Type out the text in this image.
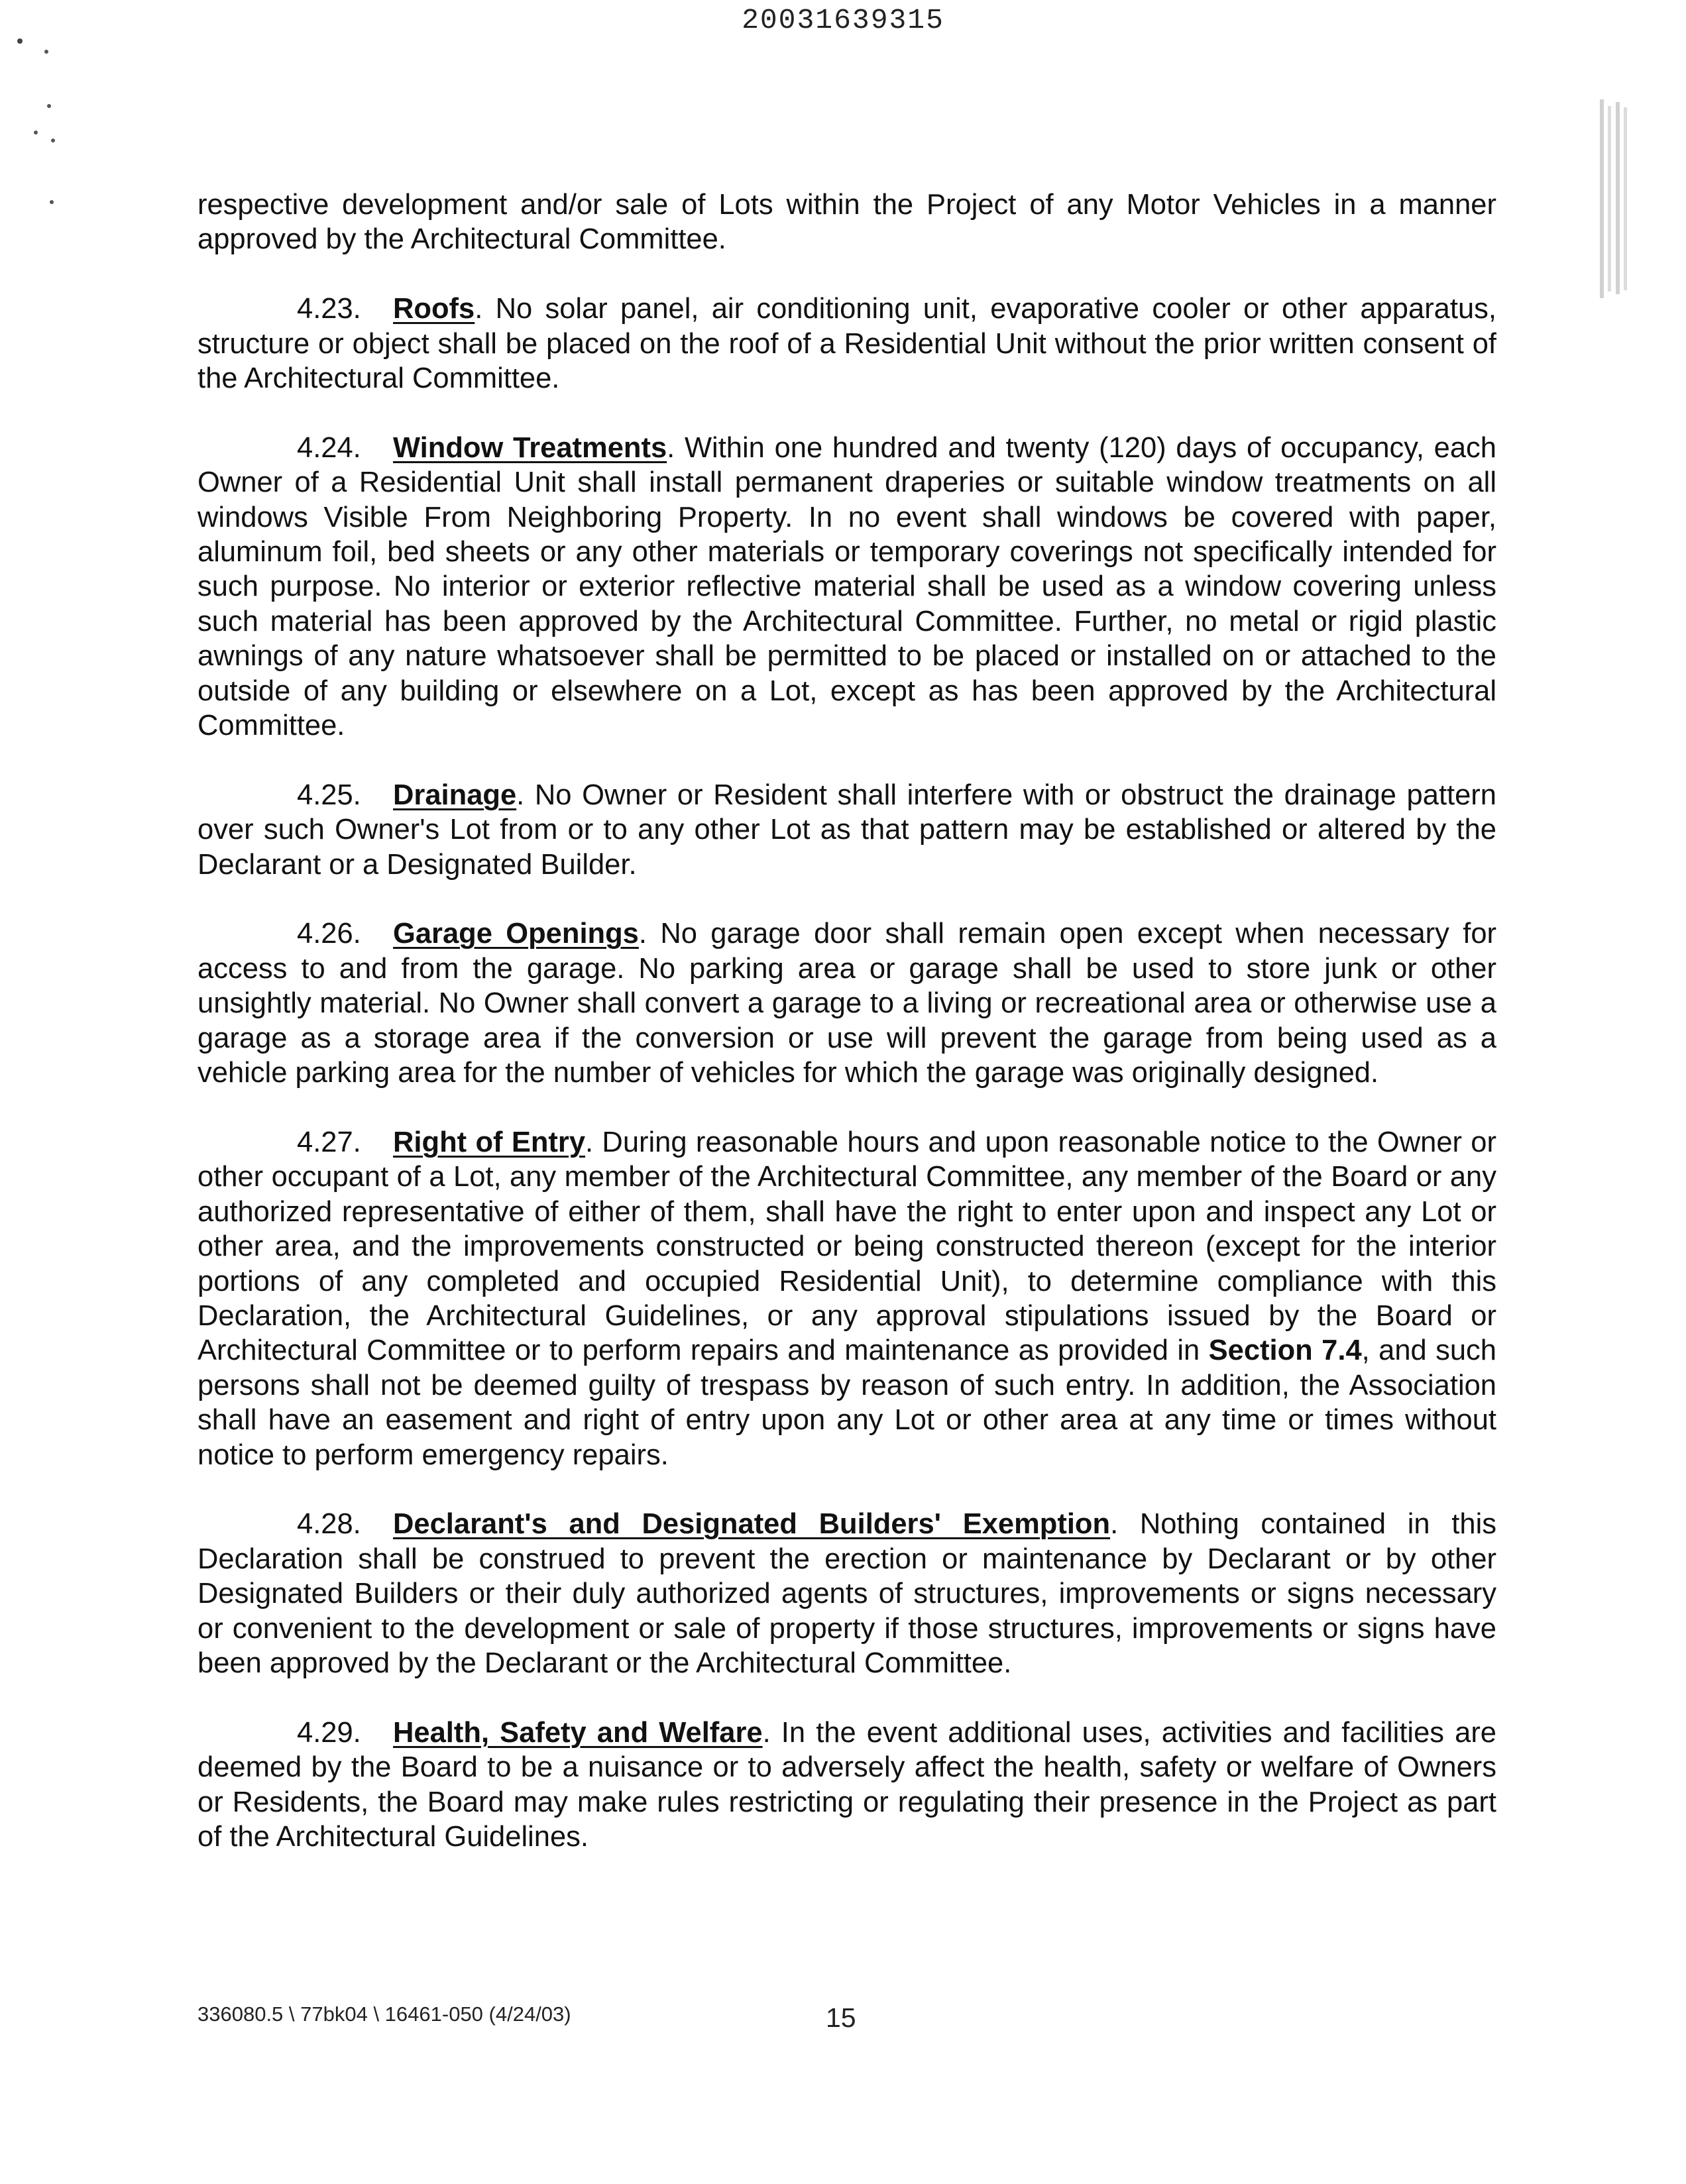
20031639315

respective development and/or sale of Lots within the Project of any Motor Vehicles in a manner approved by the Architectural Committee.

4.23. Roofs. No solar panel, air conditioning unit, evaporative cooler or other apparatus, structure or object shall be placed on the roof of a Residential Unit without the prior written consent of the Architectural Committee.

4.24. Window Treatments. Within one hundred and twenty (120) days of occupancy, each Owner of a Residential Unit shall install permanent draperies or suitable window treatments on all windows Visible From Neighboring Property. In no event shall windows be covered with paper, aluminum foil, bed sheets or any other materials or temporary coverings not specifically intended for such purpose. No interior or exterior reflective material shall be used as a window covering unless such material has been approved by the Architectural Committee. Further, no metal or rigid plastic awnings of any nature whatsoever shall be permitted to be placed or installed on or attached to the outside of any building or elsewhere on a Lot, except as has been approved by the Architectural Committee.

4.25. Drainage. No Owner or Resident shall interfere with or obstruct the drainage pattern over such Owner's Lot from or to any other Lot as that pattern may be established or altered by the Declarant or a Designated Builder.

4.26. Garage Openings. No garage door shall remain open except when necessary for access to and from the garage. No parking area or garage shall be used to store junk or other unsightly material. No Owner shall convert a garage to a living or recreational area or otherwise use a garage as a storage area if the conversion or use will prevent the garage from being used as a vehicle parking area for the number of vehicles for which the garage was originally designed.

4.27. Right of Entry. During reasonable hours and upon reasonable notice to the Owner or other occupant of a Lot, any member of the Architectural Committee, any member of the Board or any authorized representative of either of them, shall have the right to enter upon and inspect any Lot or other area, and the improvements constructed or being constructed thereon (except for the interior portions of any completed and occupied Residential Unit), to determine compliance with this Declaration, the Architectural Guidelines, or any approval stipulations issued by the Board or Architectural Committee or to perform repairs and maintenance as provided in Section 7.4, and such persons shall not be deemed guilty of trespass by reason of such entry. In addition, the Association shall have an easement and right of entry upon any Lot or other area at any time or times without notice to perform emergency repairs.

4.28. Declarant's and Designated Builders' Exemption. Nothing contained in this Declaration shall be construed to prevent the erection or maintenance by Declarant or by other Designated Builders or their duly authorized agents of structures, improvements or signs necessary or convenient to the development or sale of property if those structures, improvements or signs have been approved by the Declarant or the Architectural Committee.

4.29. Health, Safety and Welfare. In the event additional uses, activities and facilities are deemed by the Board to be a nuisance or to adversely affect the health, safety or welfare of Owners or Residents, the Board may make rules restricting or regulating their presence in the Project as part of the Architectural Guidelines.

336080.5 \ 77bk04 \ 16461-050 (4/24/03)	15
